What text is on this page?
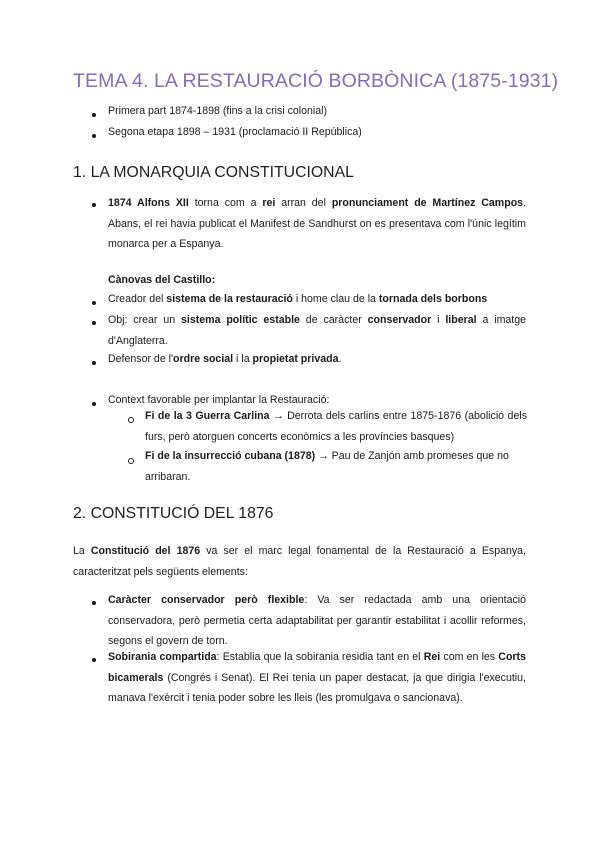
TEMA 4. LA RESTAURACIÓ BORBÒNICA (1875-1931)
Primera part 1874-1898 (fins a la crisi colonial)
Segona etapa 1898 – 1931 (proclamació II República)
1. LA MONARQUIA CONSTITUCIONAL

1874 Alfons XII torna com a rei arran del pronunciament de Martínez Campos. Abans, el rei havia publicat el Manifest de Sandhurst on es presentava com l'únic legítim monarca per a Espanya.

Cànovas del Castillo:
Creador del sistema de la restauració i home clau de la tornada dels borbons

Obj: crear un sistema polític estable de caràcter conservador i liberal a imatge d'Anglaterra.

Defensor de l'ordre social i la propietat privada.
Context favorable per implantar la Restauració:

Fi de la 3 Guerra Carlina → Derrota dels carlins entre 1875-1876 (abolició dels furs, però atorguen concerts econòmics a les províncies basques)

Fi de la insurrecció cubana (1878) → Pau de Zanjón amb promeses que no arribaran.

2. CONSTITUCIÓ DEL 1876

La Constitució del 1876 va ser el marc legal fonamental de la Restauració a Espanya, caracteritzat pels següents elements:

Caràcter conservador però flexible: Va ser redactada amb una orientació conservadora, però permetia certa adaptabilitat per garantir estabilitat i acollir reformes, segons el govern de torn.

Sobirania compartida: Establia que la sobirania residia tant en el Rei com en les Corts bicamerals (Congrés i Senat). El Rei tenia un paper destacat, ja que dirigia l'executiu, manava l'exèrcit i tenia poder sobre les lleis (les promulgava o sancionava).
